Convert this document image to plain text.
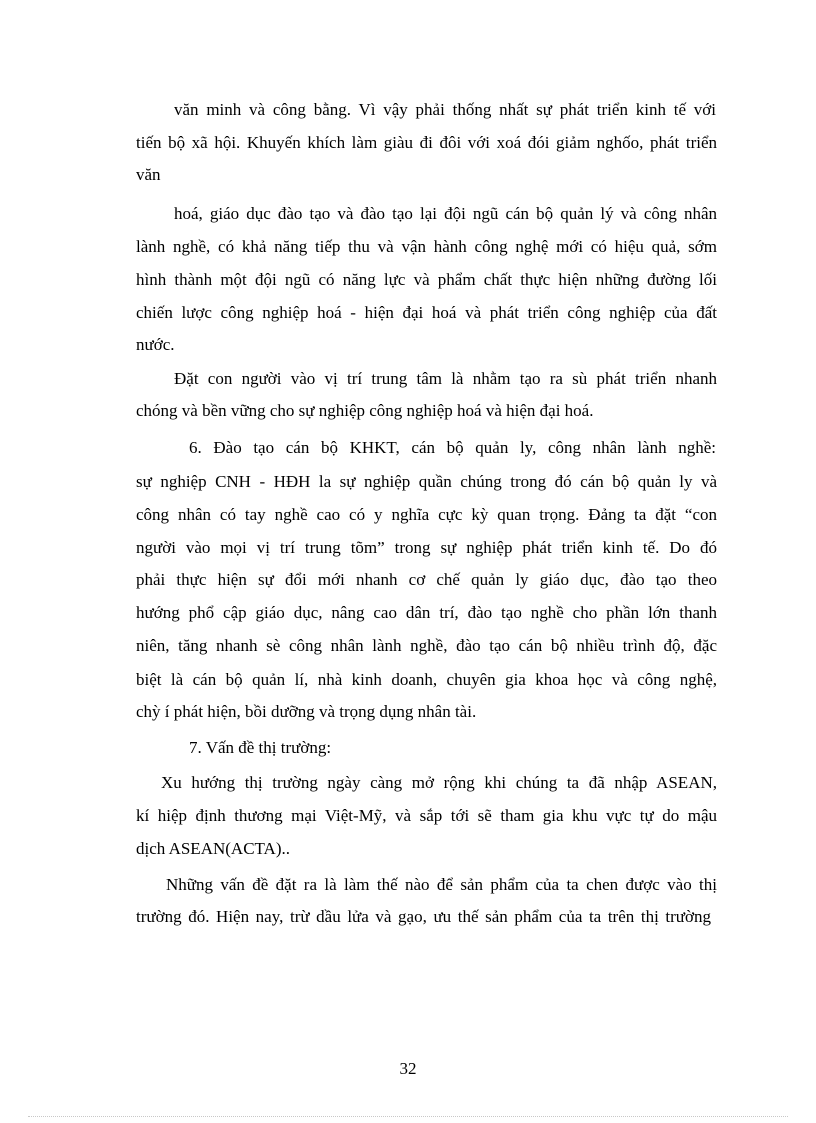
văn minh và công bằng. Vì vậy phải thống nhất sự phát triển kinh tế với
tiến bộ xã hội. Khuyến khích làm giàu đi đôi với xoá đói giảm nghốo, phát triển
văn
hoá, giáo dục đào tạo và đào tạo lại đội ngũ cán bộ quản lý và công nhân
lành nghề, có khả năng tiếp thu và vận hành công nghệ mới có hiệu quả, sớm
hình thành một đội ngũ có năng lực và phẩm chất thực hiện những đường lối
chiến lược công nghiệp hoá - hiện đại hoá và phát triển công nghiệp của đất
nước.
Đặt con người vào vị trí trung tâm là nhằm tạo ra sù phát triển nhanh
chóng và bền vững cho sự nghiệp công nghiệp hoá và hiện đại hoá.
6. Đào tạo cán bộ KHKT, cán bộ quản ly, công nhân lành nghề:
sự nghiệp CNH - HĐH la sự nghiệp quần chúng trong đó cán bộ quản ly và
công nhân có tay nghề cao có y nghĩa cực kỳ quan trọng. Đảng ta đặt “con
người vào mọi vị trí trung tõm” trong sự nghiệp phát triển kinh tế. Do đó
phải thực hiện sự đổi mới nhanh cơ chế quản ly giáo dục, đào tạo theo
hướng phổ cập giáo dục, nâng cao dân trí, đào tạo nghề cho phần lớn thanh
niên, tăng nhanh sè công nhân lành nghề, đào tạo cán bộ nhiều trình độ, đặc
biệt là cán bộ quản lí, nhà kinh doanh, chuyên gia khoa học và công nghệ,
chỳ í phát hiện, bồi dưỡng và trọng dụng nhân tài.
7. Vấn đề thị trường:
Xu hướng thị trường ngày càng mở rộng khi chúng ta đã nhập ASEAN,
kí hiệp định thương mại Việt-Mỹ, và sắp tới sẽ tham gia khu vực tự do mậu
dịch ASEAN(ACTA)..
Những vấn đề đặt ra là làm thế nào để sản phẩm của ta chen được vào thị
trường đó. Hiện nay, trừ dầu lửa và gạo, ưu thế sản phẩm của ta trên thị trường
32
